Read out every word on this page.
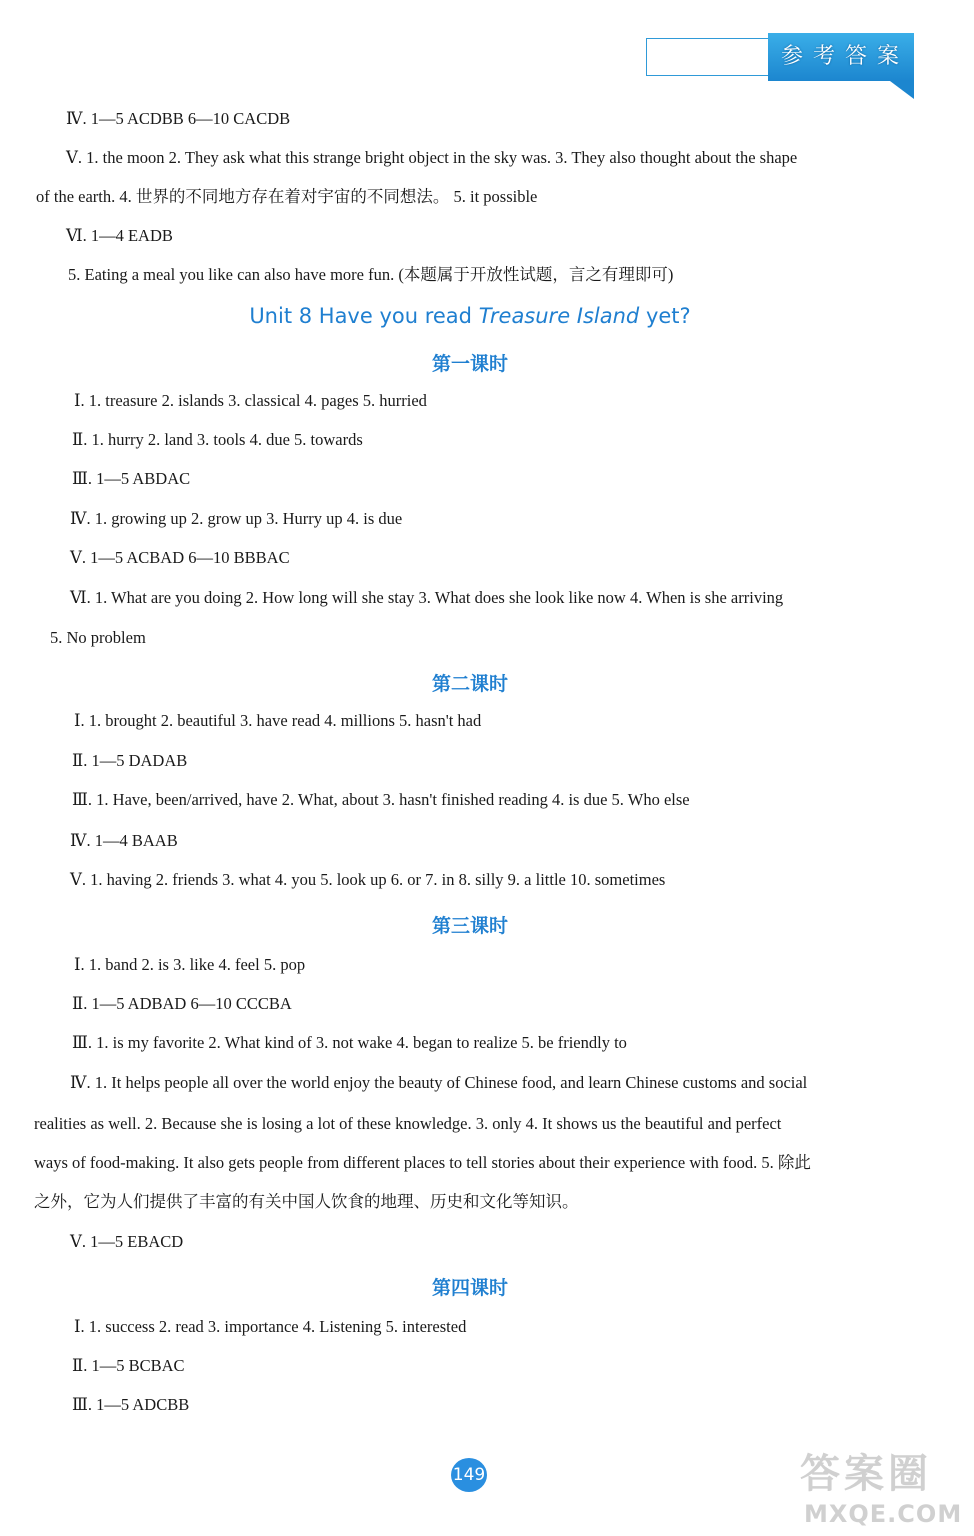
参考答案
Ⅳ. 1—5 ACDBB 6—10 CACDB
Ⅴ. 1. the moon 2. They ask what this strange bright object in the sky was. 3. They also thought about the shape
of the earth. 4. 世界的不同地方存在着对宇宙的不同想法。 5. it possible
Ⅵ. 1—4 EADB
5. Eating a meal you like can also have more fun. (本题属于开放性试题，言之有理即可)
Unit 8 Have you read Treasure Island yet?
第一课时
Ⅰ. 1. treasure 2. islands 3. classical 4. pages 5. hurried
Ⅱ. 1. hurry 2. land 3. tools 4. due 5. towards
Ⅲ. 1—5 ABDAC
Ⅳ. 1. growing up 2. grow up 3. Hurry up 4. is due
Ⅴ. 1—5 ACBAD 6—10 BBBAC
Ⅵ. 1. What are you doing 2. How long will she stay 3. What does she look like now 4. When is she arriving
5. No problem
第二课时
Ⅰ. 1. brought 2. beautiful 3. have read 4. millions 5. hasn't had
Ⅱ. 1—5 DADAB
Ⅲ. 1. Have, been/arrived, have 2. What, about 3. hasn't finished reading 4. is due 5. Who else
Ⅳ. 1—4 BAAB
Ⅴ. 1. having 2. friends 3. what 4. you 5. look up 6. or 7. in 8. silly 9. a little 10. sometimes
第三课时
Ⅰ. 1. band 2. is 3. like 4. feel 5. pop
Ⅱ. 1—5 ADBAD 6—10 CCCBA
Ⅲ. 1. is my favorite 2. What kind of 3. not wake 4. began to realize 5. be friendly to
Ⅳ. 1. It helps people all over the world enjoy the beauty of Chinese food, and learn Chinese customs and social
realities as well. 2. Because she is losing a lot of these knowledge. 3. only 4. It shows us the beautiful and perfect
ways of food-making. It also gets people from different places to tell stories about their experience with food. 5. 除此
之外，它为人们提供了丰富的有关中国人饮食的地理、历史和文化等知识。
Ⅴ. 1—5 EBACD
第四课时
Ⅰ. 1. success 2. read 3. importance 4. Listening 5. interested
Ⅱ. 1—5 BCBAC
Ⅲ. 1—5 ADCBB
149	答案圈
MXQE.COM
